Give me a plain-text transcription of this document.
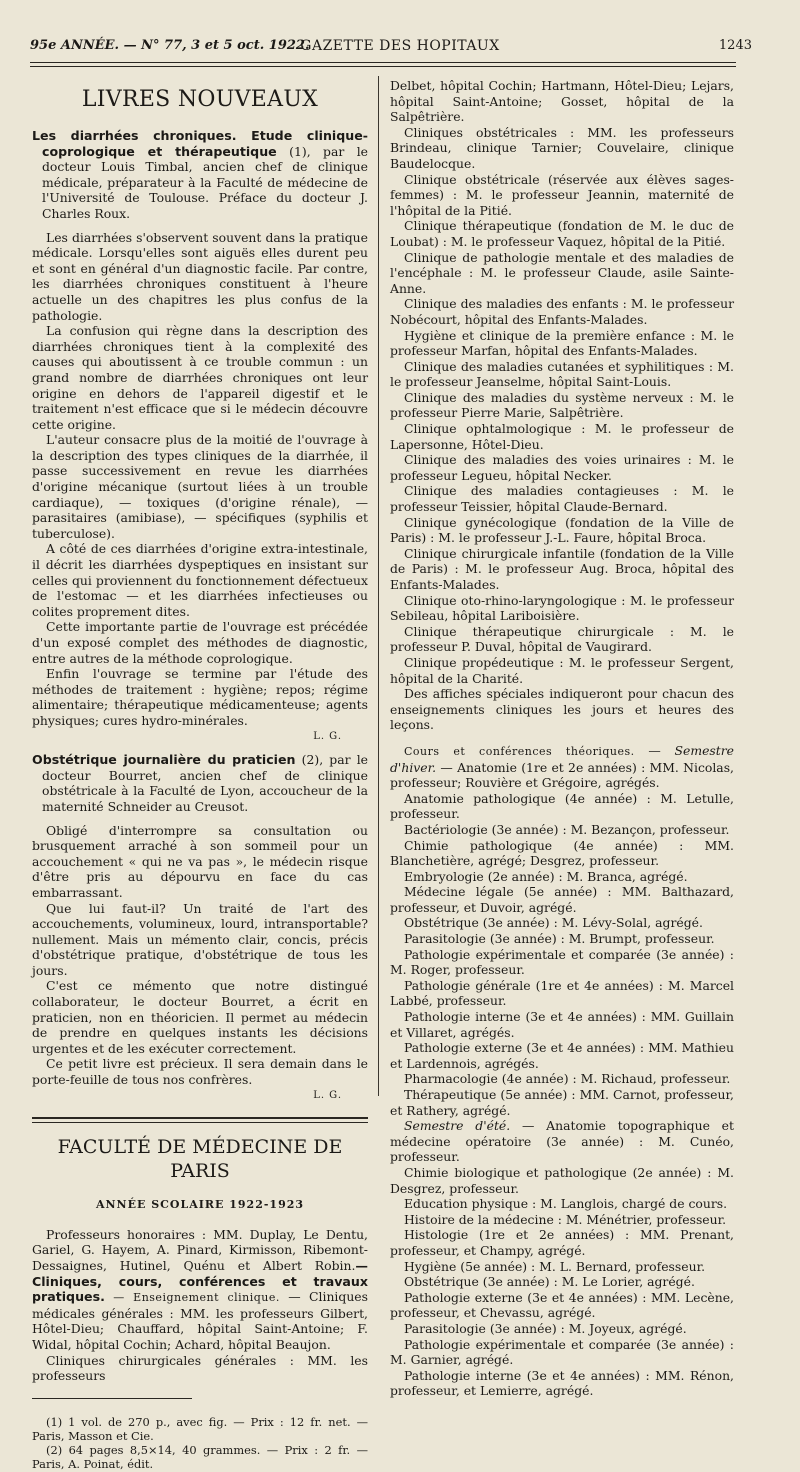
95e ANNÉE. — N° 77, 3 et 5 oct. 1922.
GAZETTE DES HOPITAUX	1243
LIVRES NOUVEAUX

Les diarrhées chroniques. Etude clinique-coprologique et thérapeutique (1), par le docteur Louis Timbal, ancien chef de clinique médicale, préparateur à la Faculté de médecine de l'Université de Toulouse. Préface du docteur J. Charles Roux.

Les diarrhées s'observent souvent dans la pratique médicale. Lorsqu'elles sont aiguës elles durent peu et sont en général d'un diagnostic facile. Par contre, les diarrhées chroniques constituent à l'heure actuelle un des chapitres les plus confus de la pathologie.

La confusion qui règne dans la description des diarrhées chroniques tient à la complexité des causes qui aboutissent à ce trouble commun : un grand nombre de diarrhées chroniques ont leur origine en dehors de l'appareil digestif et le traitement n'est efficace que si le médecin découvre cette origine.

L'auteur consacre plus de la moitié de l'ouvrage à la description des types cliniques de la diarrhée, il passe successivement en revue les diarrhées d'origine mécanique (surtout liées à un trouble cardiaque), — toxiques (d'origine rénale), — parasitaires (amibiase), — spécifiques (syphilis et tuberculose).

A côté de ces diarrhées d'origine extra-intestinale, il décrit les diarrhées dyspeptiques en insistant sur celles qui proviennent du fonctionnement défectueux de l'estomac — et les diarrhées infectieuses ou colites proprement dites.

Cette importante partie de l'ouvrage est précédée d'un exposé complet des méthodes de diagnostic, entre autres de la méthode coprologique.

Enfin l'ouvrage se termine par l'étude des méthodes de traitement : hygiène; repos; régime alimentaire; thérapeutique médicamenteuse; agents physiques; cures hydro-minérales.

L. G.

Obstétrique journalière du praticien (2), par le docteur Bourret, ancien chef de clinique obstétricale à la Faculté de Lyon, accoucheur de la maternité Schneider au Creusot.

Obligé d'interrompre sa consultation ou brusquement arraché à son sommeil pour un accouchement « qui ne va pas », le médecin risque d'être pris au dépourvu en face du cas embarrassant.

Que lui faut-il? Un traité de l'art des accouchements, volumineux, lourd, intransportable? nullement. Mais un mémento clair, concis, précis d'obstétrique pratique, d'obstétrique de tous les jours.

C'est ce mémento que notre distingué collaborateur, le docteur Bourret, a écrit en praticien, non en théoricien. Il permet au médecin de prendre en quelques instants les décisions urgentes et de les exécuter correctement.

Ce petit livre est précieux. Il sera demain dans le porte-feuille de tous nos confrères.

L. G.

FACULTÉ DE MÉDECINE DE PARIS
ANNÉE SCOLAIRE 1922-1923

Professeurs honoraires : MM. Duplay, Le Dentu, Gariel, G. Hayem, A. Pinard, Kirmisson, Ribemont-Dessaignes, Hutinel, Quénu et Albert Robin.— Cliniques, cours, conférences et travaux pratiques. — Enseignement clinique. — Cliniques médicales générales : MM. les professeurs Gilbert, Hôtel-Dieu; Chauffard, hôpital Saint-Antoine; F. Widal, hôpital Cochin; Achard, hôpital Beaujon.

Cliniques chirurgicales générales : MM. les professeurs

(1) 1 vol. de 270 p., avec fig. — Prix : 12 fr. net. — Paris, Masson et Cie.

(2) 64 pages 8,5×14, 40 grammes. — Prix : 2 fr. — Paris, A. Poinat, édit.

Delbet, hôpital Cochin; Hartmann, Hôtel-Dieu; Lejars, hôpital Saint-Antoine; Gosset, hôpital de la Salpêtrière.

Cliniques obstétricales : MM. les professeurs Brindeau, clinique Tarnier; Couvelaire, clinique Baudelocque.

Clinique obstétricale (réservée aux élèves sages-femmes) : M. le professeur Jeannin, maternité de l'hôpital de la Pitié.

Clinique thérapeutique (fondation de M. le duc de Loubat) : M. le professeur Vaquez, hôpital de la Pitié.

Clinique de pathologie mentale et des maladies de l'encéphale : M. le professeur Claude, asile Sainte-Anne.

Clinique des maladies des enfants : M. le professeur Nobécourt, hôpital des Enfants-Malades.

Hygiène et clinique de la première enfance : M. le professeur Marfan, hôpital des Enfants-Malades.

Clinique des maladies cutanées et syphilitiques : M. le professeur Jeanselme, hôpital Saint-Louis.

Clinique des maladies du système nerveux : M. le professeur Pierre Marie, Salpêtrière.

Clinique ophtalmologique : M. le professeur de Lapersonne, Hôtel-Dieu.

Clinique des maladies des voies urinaires : M. le professeur Legueu, hôpital Necker.

Clinique des maladies contagieuses : M. le professeur Teissier, hôpital Claude-Bernard.

Clinique gynécologique (fondation de la Ville de Paris) : M. le professeur J.-L. Faure, hôpital Broca.

Clinique chirurgicale infantile (fondation de la Ville de Paris) : M. le professeur Aug. Broca, hôpital des Enfants-Malades.

Clinique oto-rhino-laryngologique : M. le professeur Sebileau, hôpital Lariboisière.

Clinique thérapeutique chirurgicale : M. le professeur P. Duval, hôpital de Vaugirard.

Clinique propédeutique : M. le professeur Sergent, hôpital de la Charité.

Des affiches spéciales indiqueront pour chacun des enseignements cliniques les jours et heures des leçons.

Cours et conférences théoriques. — Semestre d'hiver. — Anatomie (1re et 2e années) : MM. Nicolas, professeur; Rouvière et Grégoire, agrégés.

Anatomie pathologique (4e année) : M. Letulle, professeur.

Bactériologie (3e année) : M. Bezançon, professeur.

Chimie pathologique (4e année) : MM. Blanchetière, agrégé; Desgrez, professeur.

Embryologie (2e année) : M. Branca, agrégé.

Médecine légale (5e année) : MM. Balthazard, professeur, et Duvoir, agrégé.

Obstétrique (3e année) : M. Lévy-Solal, agrégé.

Parasitologie (3e année) : M. Brumpt, professeur.

Pathologie expérimentale et comparée (3e année) : M. Roger, professeur.

Pathologie générale (1re et 4e années) : M. Marcel Labbé, professeur.

Pathologie interne (3e et 4e années) : MM. Guillain et Villaret, agrégés.

Pathologie externe (3e et 4e années) : MM. Mathieu et Lardennois, agrégés.

Pharmacologie (4e année) : M. Richaud, professeur.

Thérapeutique (5e année) : MM. Carnot, professeur, et Rathery, agrégé.

Semestre d'été. — Anatomie topographique et médecine opératoire (3e année) : M. Cunéo, professeur.

Chimie biologique et pathologique (2e année) : M. Desgrez, professeur.

Education physique : M. Langlois, chargé de cours.

Histoire de la médecine : M. Ménétrier, professeur.

Histologie (1re et 2e années) : MM. Prenant, professeur, et Champy, agrégé.

Hygiène (5e année) : M. L. Bernard, professeur.

Obstétrique (3e année) : M. Le Lorier, agrégé.

Pathologie externe (3e et 4e années) : MM. Lecène, professeur, et Chevassu, agrégé.

Parasitologie (3e année) : M. Joyeux, agrégé.

Pathologie expérimentale et comparée (3e année) : M. Garnier, agrégé.

Pathologie interne (3e et 4e années) : MM. Rénon, professeur, et Lemierre, agrégé.
